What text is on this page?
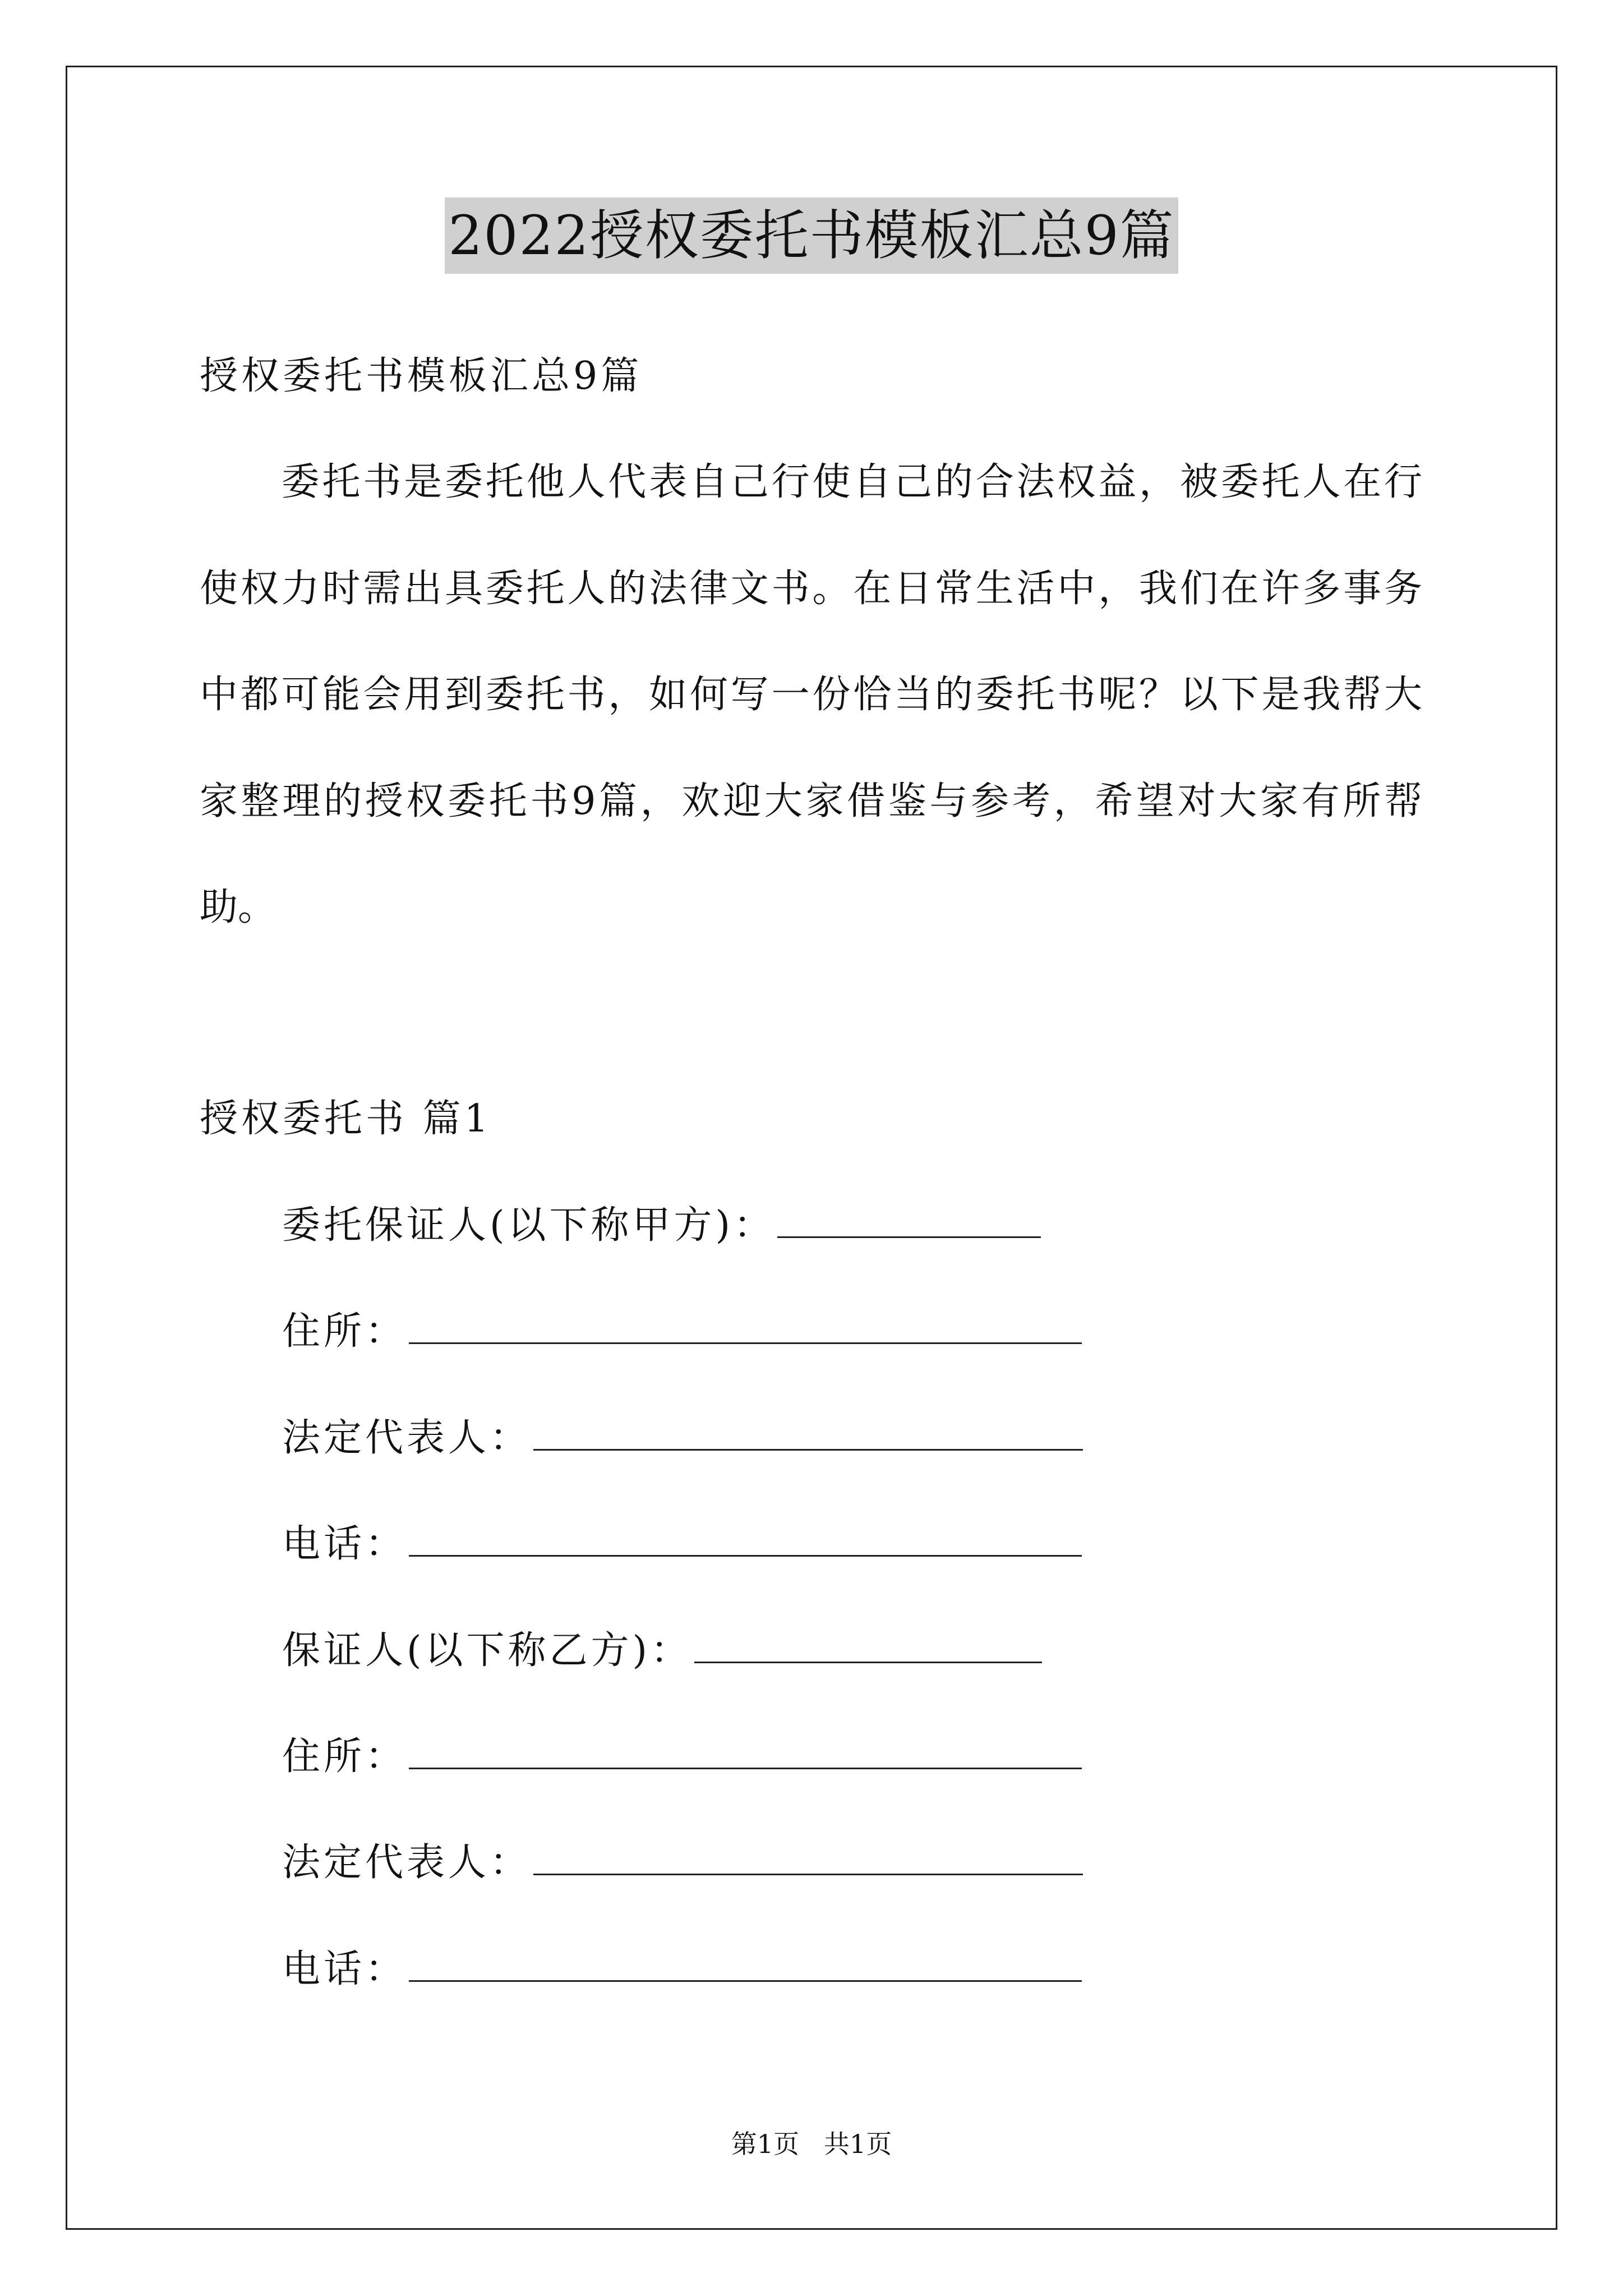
2022授权委托书模板汇总9篇
授权委托书模板汇总9篇
　　委托书是委托他人代表自己行使自己的合法权益，被委托人在行
使权力时需出具委托人的法律文书。在日常生活中，我们在许多事务
中都可能会用到委托书，如何写一份恰当的委托书呢？以下是我帮大
家整理的授权委托书9篇，欢迎大家借鉴与参考，希望对大家有所帮
助。
授权委托书 篇1
委托保证人(以下称甲方)：
住所：
法定代表人：
电话：
保证人(以下称乙方)：
住所：
法定代表人：
电话：
第1页   共1页
